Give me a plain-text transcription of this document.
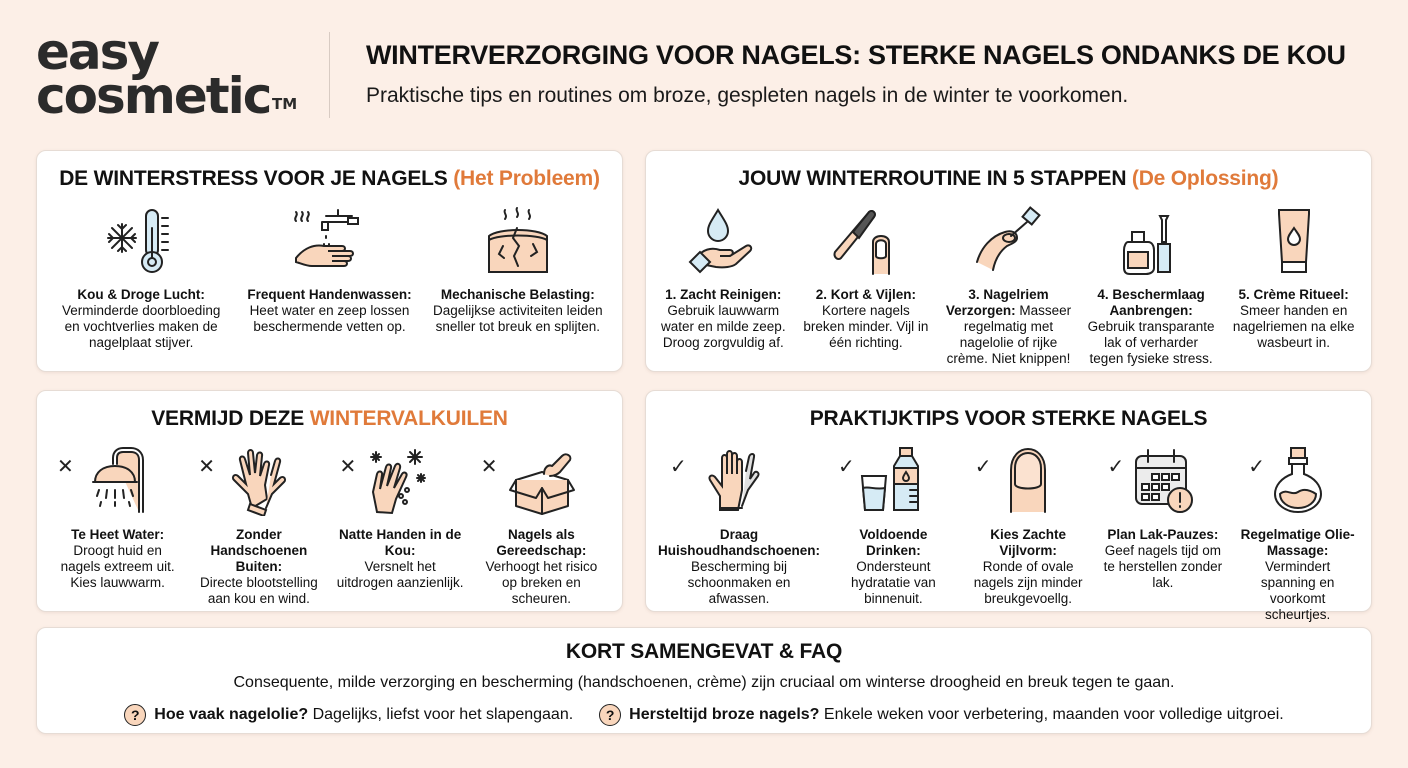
easy
cosmetic TM
WINTERVERZORGING VOOR NAGELS: STERKE NAGELS ONDANKS DE KOU
Praktische tips en routines om broze, gespleten nagels in de winter te voorkomen.
DE WINTERSTRESS VOOR JE NAGELS (Het Probleem)
Kou & Droge Lucht:
Verminderde doorbloeding en vochtverlies maken de nagelplaat stijver.
Frequent Handenwassen:
Heet water en zeep lossen beschermende vetten op.
Mechanische Belasting:
Dagelijkse activiteiten leiden sneller tot breuk en splijten.
JOUW WINTERROUTINE IN 5 STAPPEN (De Oplossing)
1. Zacht Reinigen:
Gebruik lauwwarm water en milde zeep. Droog zorgvuldig af.
2. Kort & Vijlen:
Kortere nagels breken minder. Vijl in één richting.
3. Nagelriem Verzorgen: Masseer regelmatig met nagelolie of rijke crème. Niet knippen!
4. Beschermlaag Aanbrengen:
Gebruik transparante lak of verharder tegen fysieke stress.
5. Crème Ritueel:
Smeer handen en nagelriemen na elke wasbeurt in.
VERMIJD DEZE WINTERVALKUILEN
✕
Te Heet Water:
Droogt huid en nagels extreem uit. Kies lauwwarm.
✕
Zonder Handschoenen Buiten:
Directe blootstelling aan kou en wind.
✕
Natte Handen in de Kou:
Versnelt het uitdrogen aanzienlijk.
✕
Nagels als Gereedschap:
Verhoogt het risico op breken en scheuren.
PRAKTIJKTIPS VOOR STERKE NAGELS
✓
Draag Huishoudhandschoenen: Bescherming bij schoonmaken en afwassen.
✓
Voldoende Drinken:
Ondersteunt hydratatie van binnenuit.
✓
Kies Zachte Vijlvorm:
Ronde of ovale nagels zijn minder breukgevoellg.
✓
Plan Lak-Pauzes:
Geef nagels tijd om te herstellen zonder lak.
✓
Regelmatige Olie-Massage:
Vermindert spanning en voorkomt scheurtjes.
KORT SAMENGEVAT & FAQ
Consequente, milde verzorging en bescherming (handschoenen, crème) zijn cruciaal om winterse droogheid en breuk tegen te gaan.
? Hoe vaak nagelolie? Dagelijks, liefst voor het slapengaan.	? Hersteltijd broze nagels? Enkele weken voor verbetering, maanden voor volledige uitgroei.
